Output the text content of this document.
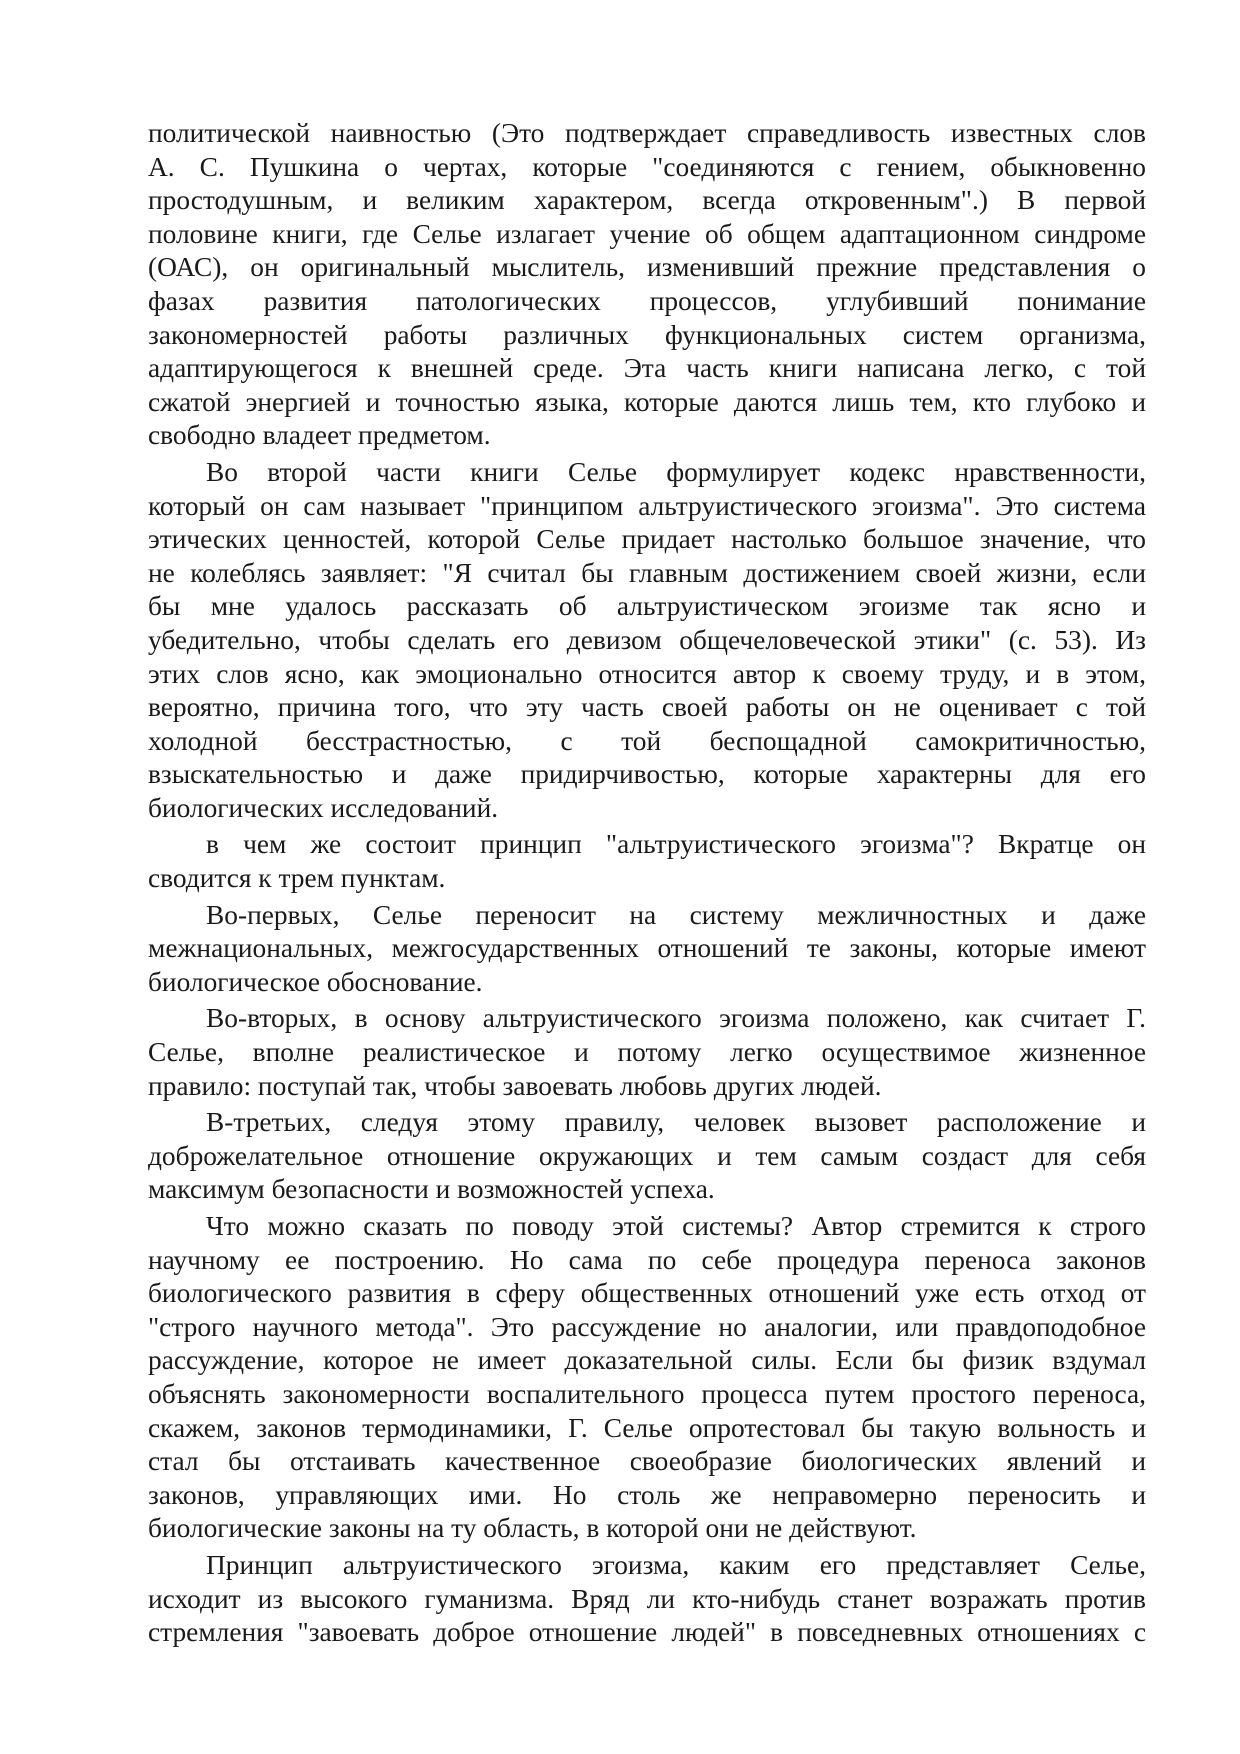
политической наивностью (Это подтверждает справедливость известных слов
А. С. Пушкина о чертах, которые "соединяются с гением, обыкновенно
простодушным, и великим характером, всегда откровенным".) В первой
половине книги, где Селье излагает учение об общем адаптационном синдроме
(ОАС), он оригинальный мыслитель, изменивший прежние представления о
фазах развития патологических процессов, углубивший понимание
закономерностей работы различных функциональных систем организма,
адаптирующегося к внешней среде. Эта часть книги написана легко, с той
сжатой энергией и точностью языка, которые даются лишь тем, кто глубоко и
свободно владеет предметом.
Во второй части книги Селье формулирует кодекс нравственности,
который он сам называет "принципом альтруистического эгоизма". Это система
этических ценностей, которой Селье придает настолько большое значение, что
не колеблясь заявляет: "Я считал бы главным достижением своей жизни, если
бы мне удалось рассказать об альтруистическом эгоизме так ясно и
убедительно, чтобы сделать его девизом общечеловеческой этики" (с. 53). Из
этих слов ясно, как эмоционально относится автор к своему труду, и в этом,
вероятно, причина того, что эту часть своей работы он не оценивает с той
холодной бесстрастностью, с той беспощадной самокритичностью,
взыскательностью и даже придирчивостью, которые характерны для его
биологических исследований.
в чем же состоит принцип "альтруистического эгоизма"? Вкратце он
сводится к трем пунктам.
Во-первых, Селье переносит на систему межличностных и даже
межнациональных, межгосударственных отношений те законы, которые имеют
биологическое обоснование.
Во-вторых, в основу альтруистического эгоизма положено, как считает Г.
Селье, вполне реалистическое и потому легко осуществимое жизненное
правило: поступай так, чтобы завоевать любовь других людей.
В-третьих, следуя этому правилу, человек вызовет расположение и
доброжелательное отношение окружающих и тем самым создаст для себя
максимум безопасности и возможностей успеха.
Что можно сказать по поводу этой системы? Автор стремится к строго
научному ее построению. Но сама по себе процедура переноса законов
биологического развития в сферу общественных отношений уже есть отход от
"строго научного метода". Это рассуждение но аналогии, или правдоподобное
рассуждение, которое не имеет доказательной силы. Если бы физик вздумал
объяснять закономерности воспалительного процесса путем простого переноса,
скажем, законов термодинамики, Г. Селье опротестовал бы такую вольность и
стал бы отстаивать качественное своеобразие биологических явлений и
законов, управляющих ими. Но столь же неправомерно переносить и
биологические законы на ту область, в которой они не действуют.
Принцип альтруистического эгоизма, каким его представляет Селье,
исходит из высокого гуманизма. Вряд ли кто-нибудь станет возражать против
стремления "завоевать доброе отношение людей" в повседневных отношениях с
